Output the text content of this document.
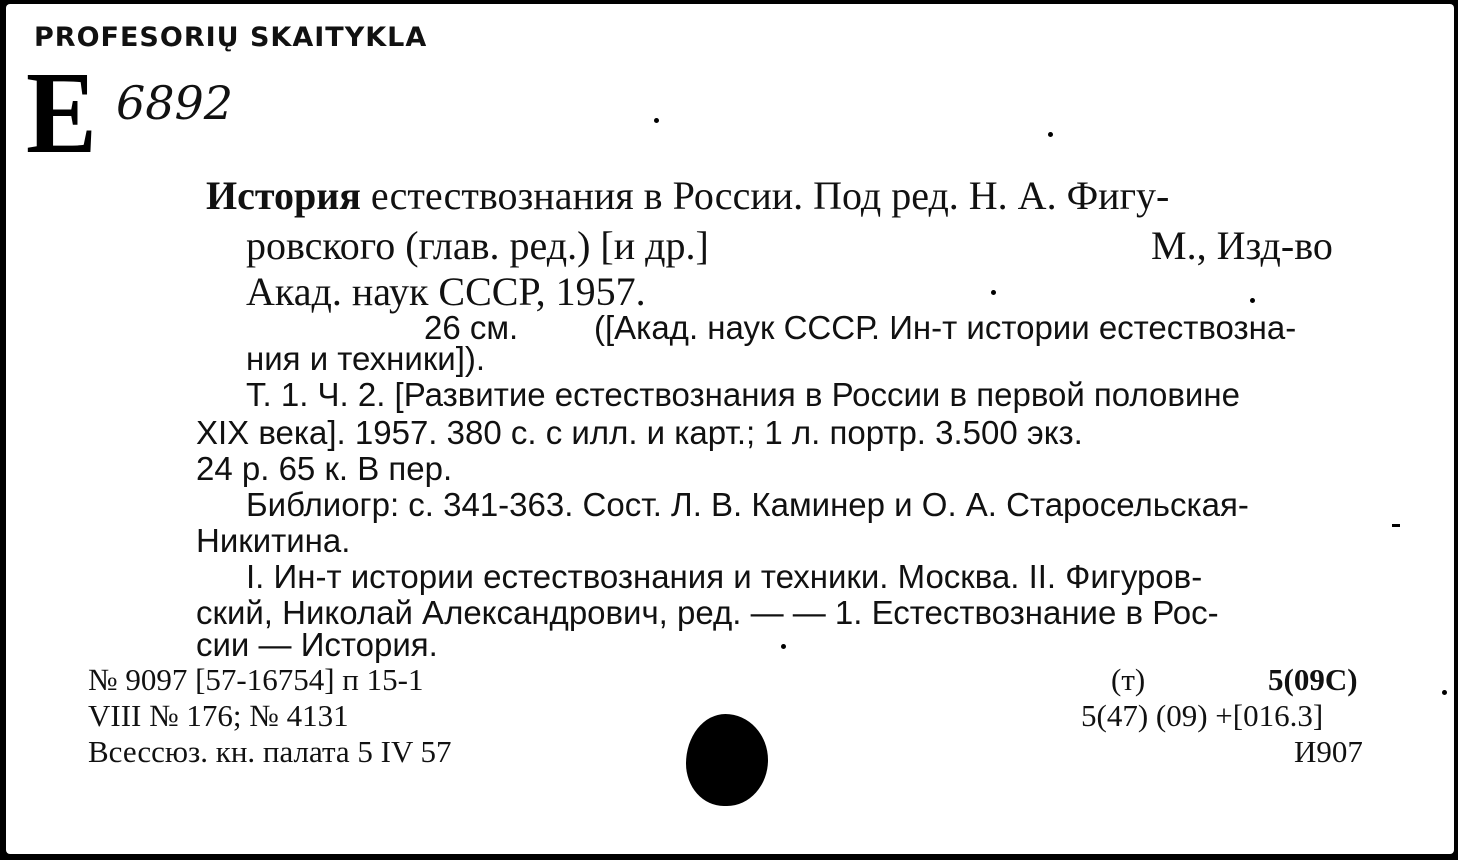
PROFESORIŲ SKAITYKLA
E 6892
История естествознания в России. Под ред. Н. А. Фигу-
ровского (глав. ред.) [и др.]	М., Изд-во
Акад. наук СССР, 1957.
26 см. ([Акад. наук СССР. Ин-т истории естествозна-
ния и техники]).
Т. 1. Ч. 2. [Развитие естествознания в России в первой половине
XIX века]. 1957. 380 с. с илл. и карт.; 1 л. портр. 3.500 экз.
24 р. 65 к. В пер.
Библиогр: с. 341-363. Сост. Л. В. Каминер и О. А. Старосельская-
Никитина.
I. Ин-т истории естествознания и техники. Москва. II. Фигуров-
ский, Николай Александрович, ред. — — 1. Естествознание в Рос-
сии — История.
№ 9097 [57-16754] п 15-1
VIII № 176; № 4131
Всессюз. кн. палата 5 IV 57
(т)	5(09С)
5(47) (09) +[016.3]
И907
